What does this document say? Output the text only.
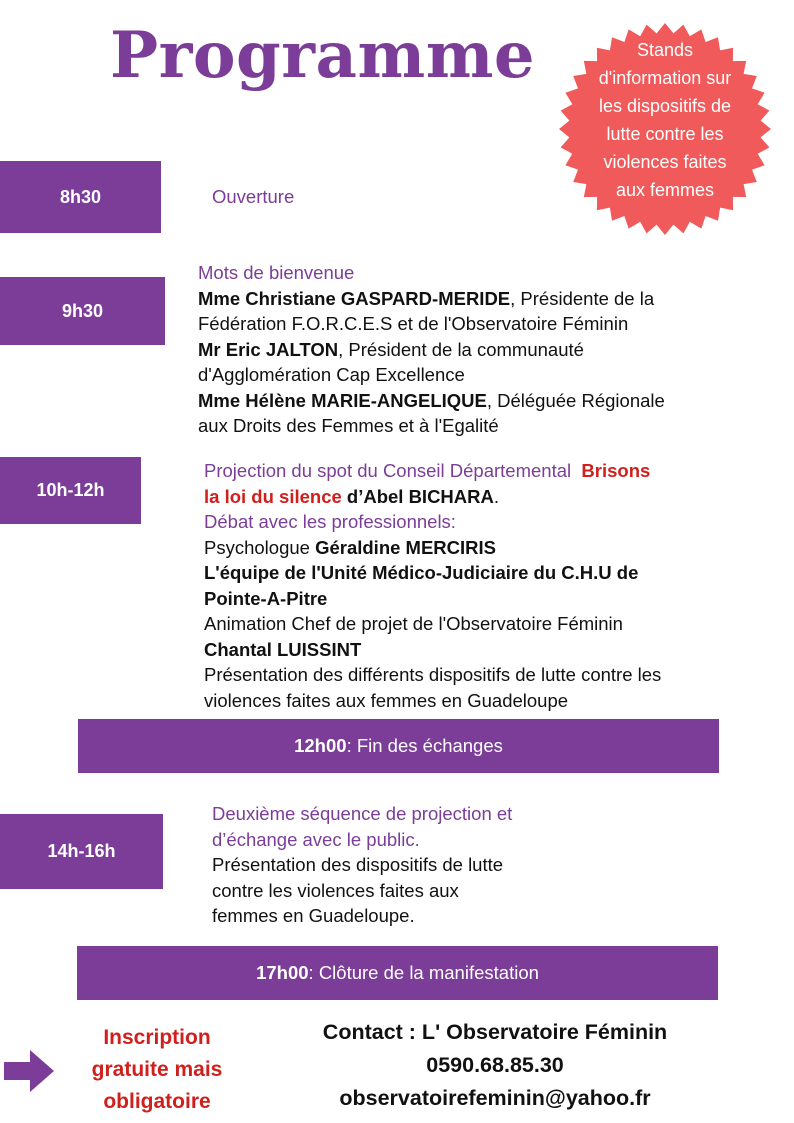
Programme	Stands
d'information sur
les dispositifs de
lutte contre les
violences faites
aux femmes
8h30	Ouverture
9h30
Mots de bienvenue
Mme Christiane GASPARD-MERIDE, Présidente de la
Fédération F.O.R.C.E.S et de l'Observatoire Féminin
Mr Eric JALTON, Président de la communauté
d'Agglomération Cap Excellence
Mme Hélène MARIE-ANGELIQUE, Déléguée Régionale
aux Droits des Femmes et à l'Egalité
10h-12h
Projection du spot du Conseil Départemental Brisons
la loi du silence d’Abel BICHARA.
Débat avec les professionnels:
Psychologue Géraldine MERCIRIS
L'équipe de l'Unité Médico-Judiciaire du C.H.U de
Pointe-A-Pitre
Animation Chef de projet de l'Observatoire Féminin
Chantal LUISSINT
Présentation des différents dispositifs de lutte contre les
violences faites aux femmes en Guadeloupe
12h00 : Fin des échanges
14h-16h
Deuxième séquence de projection et
d’échange avec le public.
Présentation des dispositifs de lutte
contre les violences faites aux
femmes en Guadeloupe.
17h00 : Clôture de la manifestation
Inscription
gratuite mais
obligatoire
Contact : L' Observatoire Féminin
0590.68.85.30
observatoirefeminin@yahoo.fr
